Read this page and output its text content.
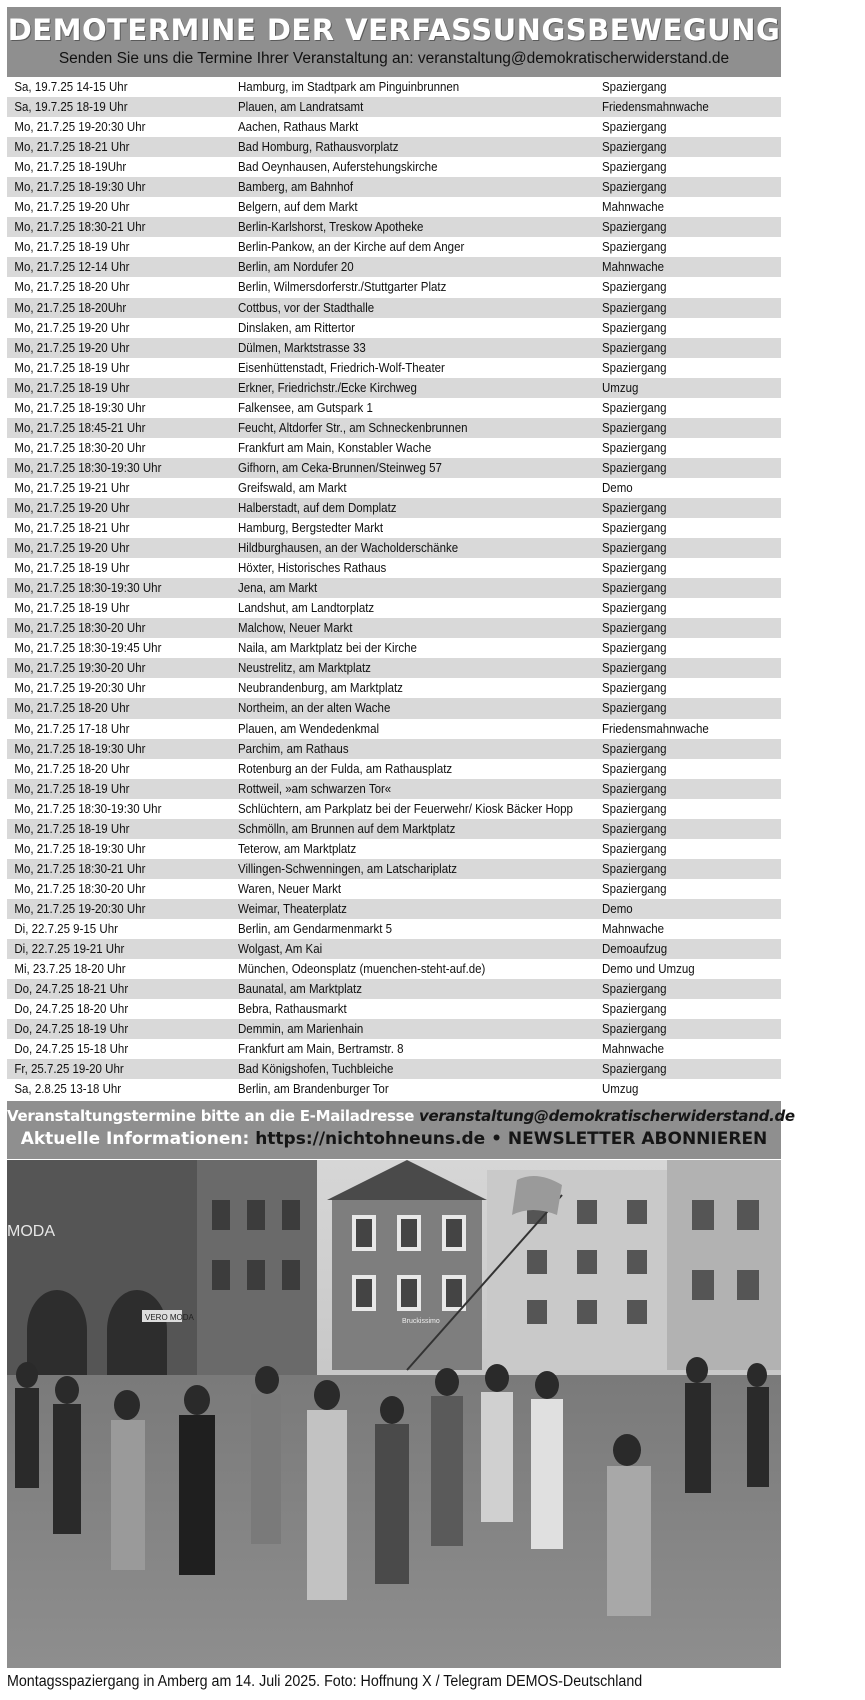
DEMOTERMINE DER VERFASSUNGSBEWEGUNG
Senden Sie uns die Termine Ihrer Veranstaltung an: veranstaltung@demokratischerwiderstand.de
Sa, 19.7.25 14-15 Uhr	Hamburg, im Stadtpark am Pinguinbrunnen	Spaziergang
Sa, 19.7.25 18-19 Uhr	Plauen, am Landratsamt	Friedensmahnwache
Mo, 21.7.25 19-20:30 Uhr	Aachen, Rathaus Markt	Spaziergang
Mo, 21.7.25 18-21 Uhr	Bad Homburg, Rathausvorplatz	Spaziergang
Mo, 21.7.25 18-19Uhr	Bad Oeynhausen, Auferstehungskirche	Spaziergang
Mo, 21.7.25 18-19:30 Uhr	Bamberg, am Bahnhof	Spaziergang
Mo, 21.7.25 19-20 Uhr	Belgern, auf dem Markt	Mahnwache
Mo, 21.7.25 18:30-21 Uhr	Berlin-Karlshorst, Treskow Apotheke	Spaziergang
Mo, 21.7.25 18-19 Uhr	Berlin-Pankow, an der Kirche auf dem Anger	Spaziergang
Mo, 21.7.25 12-14 Uhr	Berlin, am Nordufer 20	Mahnwache
Mo, 21.7.25 18-20 Uhr	Berlin, Wilmersdorferstr./Stuttgarter Platz	Spaziergang
Mo, 21.7.25 18-20Uhr	Cottbus, vor der Stadthalle	Spaziergang
Mo, 21.7.25 19-20 Uhr	Dinslaken, am Rittertor	Spaziergang
Mo, 21.7.25 19-20 Uhr	Dülmen, Marktstrasse 33	Spaziergang
Mo, 21.7.25 18-19 Uhr	Eisenhüttenstadt, Friedrich-Wolf-Theater	Spaziergang
Mo, 21.7.25 18-19 Uhr	Erkner, Friedrichstr./Ecke Kirchweg	Umzug
Mo, 21.7.25 18-19:30 Uhr	Falkensee, am Gutspark 1	Spaziergang
Mo, 21.7.25 18:45-21 Uhr	Feucht, Altdorfer Str., am Schneckenbrunnen	Spaziergang
Mo, 21.7.25 18:30-20 Uhr	Frankfurt am Main, Konstabler Wache	Spaziergang
Mo, 21.7.25 18:30-19:30 Uhr	Gifhorn, am Ceka-Brunnen/Steinweg 57	Spaziergang
Mo, 21.7.25 19-21 Uhr	Greifswald, am Markt	Demo
Mo, 21.7.25 19-20 Uhr	Halberstadt, auf dem Domplatz	Spaziergang
Mo, 21.7.25 18-21 Uhr	Hamburg, Bergstedter Markt	Spaziergang
Mo, 21.7.25 19-20 Uhr	Hildburghausen, an der Wacholderschänke	Spaziergang
Mo, 21.7.25 18-19 Uhr	Höxter, Historisches Rathaus	Spaziergang
Mo, 21.7.25 18:30-19:30 Uhr	Jena, am Markt	Spaziergang
Mo, 21.7.25 18-19 Uhr	Landshut, am Landtorplatz	Spaziergang
Mo, 21.7.25 18:30-20 Uhr	Malchow, Neuer Markt	Spaziergang
Mo, 21.7.25 18:30-19:45 Uhr	Naila, am Marktplatz bei der Kirche	Spaziergang
Mo, 21.7.25 19:30-20 Uhr	Neustrelitz, am Marktplatz	Spaziergang
Mo, 21.7.25 19-20:30 Uhr	Neubrandenburg, am Marktplatz	Spaziergang
Mo, 21.7.25 18-20 Uhr	Northeim, an der alten Wache	Spaziergang
Mo, 21.7.25 17-18 Uhr	Plauen, am Wendedenkmal	Friedensmahnwache
Mo, 21.7.25 18-19:30 Uhr	Parchim, am Rathaus	Spaziergang
Mo, 21.7.25 18-20 Uhr	Rotenburg an der Fulda, am Rathausplatz	Spaziergang
Mo, 21.7.25 18-19 Uhr	Rottweil, »am schwarzen Tor«	Spaziergang
Mo, 21.7.25 18:30-19:30 Uhr	Schlüchtern, am Parkplatz bei der Feuerwehr/ Kiosk Bäcker Hopp Spaziergang
Mo, 21.7.25 18-19 Uhr	Schmölln, am Brunnen auf dem Marktplatz	Spaziergang
Mo, 21.7.25 18-19:30 Uhr	Teterow, am Marktplatz	Spaziergang
Mo, 21.7.25 18:30-21 Uhr	Villingen-Schwenningen, am Latschariplatz	Spaziergang
Mo, 21.7.25 18:30-20 Uhr	Waren, Neuer Markt	Spaziergang
Mo, 21.7.25 19-20:30 Uhr	Weimar, Theaterplatz	Demo
Di, 22.7.25 9-15 Uhr	Berlin, am Gendarmenmarkt 5	Mahnwache
Di, 22.7.25 19-21 Uhr	Wolgast, Am Kai	Demoaufzug
Mi, 23.7.25 18-20 Uhr	München, Odeonsplatz (muenchen-steht-auf.de)	Demo und Umzug
Do, 24.7.25 18-21 Uhr	Baunatal, am Marktplatz	Spaziergang
Do, 24.7.25 18-20 Uhr	Bebra, Rathausmarkt	Spaziergang
Do, 24.7.25 18-19 Uhr	Demmin, am Marienhain	Spaziergang
Do, 24.7.25 15-18 Uhr	Frankfurt am Main, Bertramstr. 8	Mahnwache
Fr, 25.7.25 19-20 Uhr	Bad Königshofen, Tuchbleiche	Spaziergang
Sa, 2.8.25 13-18 Uhr	Berlin, am Brandenburger Tor	Umzug
Veranstaltungstermine bitte an die E-Mailadresse veranstaltung@demokratischerwiderstand.de senden.
Aktuelle Informationen: https://nichtohneuns.de • NEWSLETTER ABONNIEREN
MODA
VERO MODA	Bruckissimo
Montagsspaziergang in Amberg am 14. Juli 2025. Foto: Hoffnung X / Telegram DEMOS-Deutschland
